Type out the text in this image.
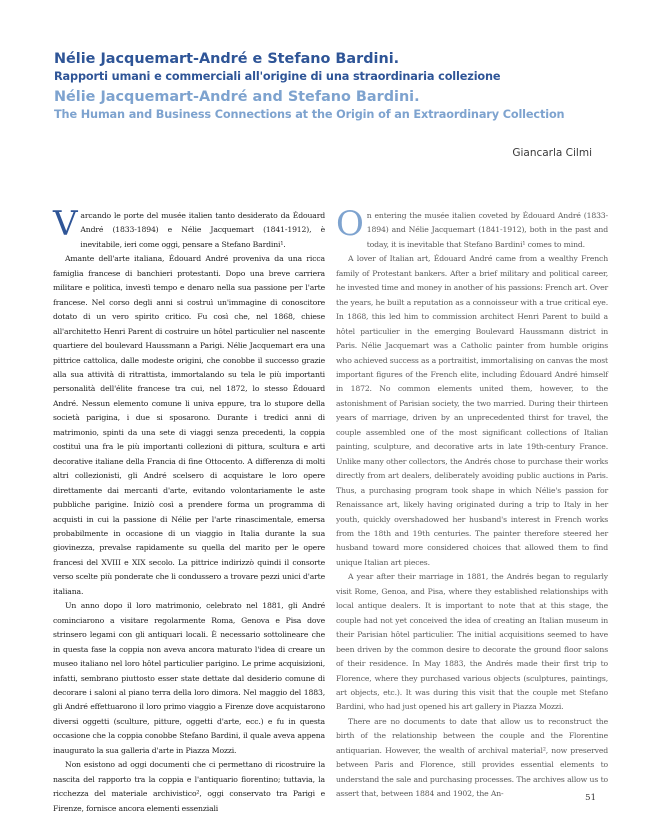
Nélie Jacquemart-André e Stefano Bardini.

Rapporti umani e commerciali all'origine di una straordinaria collezione

Nélie Jacquemart-André and Stefano Bardini.

The Human and Business Connections at the Origin of an Extraordinary Collection

Giancarla Cilmi

Varcando le porte del musée italien tanto desiderato da Édouard André (1833-1894) e Nélie Jacquemart (1841-1912), è inevitabile, ieri come oggi, pensare a Stefano Bardini¹.

Amante dell'arte italiana, Édouard André proveniva da una ricca famiglia francese di banchieri protestanti. Dopo una breve carriera militare e politica, investì tempo e denaro nella sua passione per l'arte francese. Nel corso degli anni si costruì un'immagine di conoscitore dotato di un vero spirito critico. Fu così che, nel 1868, chiese all'architetto Henri Parent di costruire un hôtel particulier nel nascente quartiere del boulevard Haussmann a Parigi. Nélie Jacquemart era una pittrice cattolica, dalle modeste origini, che conobbe il successo grazie alla sua attività di ritrattista, immortalando su tela le più importanti personalità dell'élite francese tra cui, nel 1872, lo stesso Édouard André. Nessun elemento comune li univa eppure, tra lo stupore della società parigina, i due si sposarono. Durante i tredici anni di matrimonio, spinti da una sete di viaggi senza precedenti, la coppia costituì una fra le più importanti collezioni di pittura, scultura e arti decorative italiane della Francia di fine Ottocento. A differenza di molti altri collezionisti, gli André scelsero di acquistare le loro opere direttamente dai mercanti d'arte, evitando volontariamente le aste pubbliche parigine. Iniziò così a prendere forma un programma di acquisti in cui la passione di Nélie per l'arte rinascimentale, emersa probabilmente in occasione di un viaggio in Italia durante la sua giovinezza, prevalse rapidamente su quella del marito per le opere francesi del XVIII e XIX secolo. La pittrice indirizzò quindi il consorte verso scelte più ponderate che li condussero a trovare pezzi unici d'arte italiana.

Un anno dopo il loro matrimonio, celebrato nel 1881, gli André cominciarono a visitare regolarmente Roma, Genova e Pisa dove strinsero legami con gli antiquari locali. È necessario sottolineare che in questa fase la coppia non aveva ancora maturato l'idea di creare un museo italiano nel loro hôtel particulier parigino. Le prime acquisizioni, infatti, sembrano piuttosto esser state dettate dal desiderio comune di decorare i saloni al piano terra della loro dimora. Nel maggio del 1883, gli André effettuarono il loro primo viaggio a Firenze dove acquistarono diversi oggetti (sculture, pitture, oggetti d'arte, ecc.) e fu in questa occasione che la coppia conobbe Stefano Bardini, il quale aveva appena inaugurato la sua galleria d'arte in Piazza Mozzi.

Non esistono ad oggi documenti che ci permettano di ricostruire la nascita del rapporto tra la coppia e l'antiquario fiorentino; tuttavia, la ricchezza del materiale archivistico², oggi conservato tra Parigi e Firenze, fornisce ancora elementi essenziali

On entering the musée italien coveted by Édouard André (1833-1894) and Nélie Jacquemart (1841-1912), both in the past and today, it is inevitable that Stefano Bardini¹ comes to mind.

A lover of Italian art, Édouard André came from a wealthy French family of Protestant bankers. After a brief military and political career, he invested time and money in another of his passions: French art. Over the years, he built a reputation as a connoisseur with a true critical eye. In 1868, this led him to commission architect Henri Parent to build a hôtel particulier in the emerging Boulevard Haussmann district in Paris. Nélie Jacquemart was a Catholic painter from humble origins who achieved success as a portraitist, immortalising on canvas the most important figures of the French elite, including Édouard André himself in 1872. No common elements united them, however, to the astonishment of Parisian society, the two married. During their thirteen years of marriage, driven by an unprecedented thirst for travel, the couple assembled one of the most significant collections of Italian painting, sculpture, and decorative arts in late 19th-century France. Unlike many other collectors, the Andrés chose to purchase their works directly from art dealers, deliberately avoiding public auctions in Paris. Thus, a purchasing program took shape in which Nélie's passion for Renaissance art, likely having originated during a trip to Italy in her youth, quickly overshadowed her husband's interest in French works from the 18th and 19th centuries. The painter therefore steered her husband toward more considered choices that allowed them to find unique Italian art pieces.

A year after their marriage in 1881, the Andrés began to regularly visit Rome, Genoa, and Pisa, where they established relationships with local antique dealers. It is important to note that at this stage, the couple had not yet conceived the idea of creating an Italian museum in their Parisian hôtel particulier. The initial acquisitions seemed to have been driven by the common desire to decorate the ground floor salons of their residence. In May 1883, the Andrés made their first trip to Florence, where they purchased various objects (sculptures, paintings, art objects, etc.). It was during this visit that the couple met Stefano Bardini, who had just opened his art gallery in Piazza Mozzi.

There are no documents to date that allow us to reconstruct the birth of the relationship between the couple and the Florentine antiquarian. However, the wealth of archival material², now preserved between Paris and Florence, still provides essential elements to understand the sale and purchasing processes. The archives allow us to assert that, between 1884 and 1902, the An-	51
